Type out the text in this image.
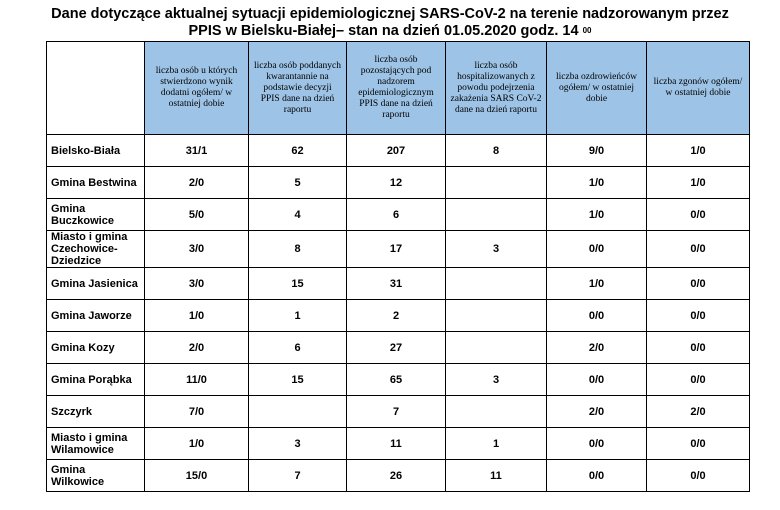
Dane dotyczące aktualnej sytuacji epidemiologicznej SARS-CoV-2 na terenie nadzorowanym przez
PPIS w Bielsku-Białej– stan na dzień 01.05.2020 godz. 14 $^{00}$
	liczba osób u których stwierdzono wynik dodatni ogółem/ w ostatniej dobie	liczba osób poddanych kwarantannie na podstawie decyzji PPIS dane na dzień raportu	liczba osób pozostających pod nadzorem epidemiologicznym PPIS dane na dzień raportu	liczba osób hospitalizowanych z powodu podejrzenia zakażenia SARS CoV-2 dane na dzień raportu	liczba ozdrowieńców ogółem/ w ostatniej dobie	liczba zgonów ogółem/ w ostatniej dobie
Bielsko-Biała	31/1	62	207	8	9/0	1/0
Gmina Bestwina	2/0	5	12		1/0	1/0
Gmina Buczkowice	5/0	4	6		1/0	0/0
Miasto i gmina Czechowice-Dziedzice	3/0	8	17	3	0/0	0/0
Gmina Jasienica	3/0	15	31		1/0	0/0
Gmina Jaworze	1/0	1	2		0/0	0/0
Gmina Kozy	2/0	6	27		2/0	0/0
Gmina Porąbka	11/0	15	65	3	0/0	0/0
Szczyrk	7/0		7		2/0	2/0
Miasto i gmina Wilamowice	1/0	3	11	1	0/0	0/0
Gmina Wilkowice	15/0	7	26	11	0/0	0/0
